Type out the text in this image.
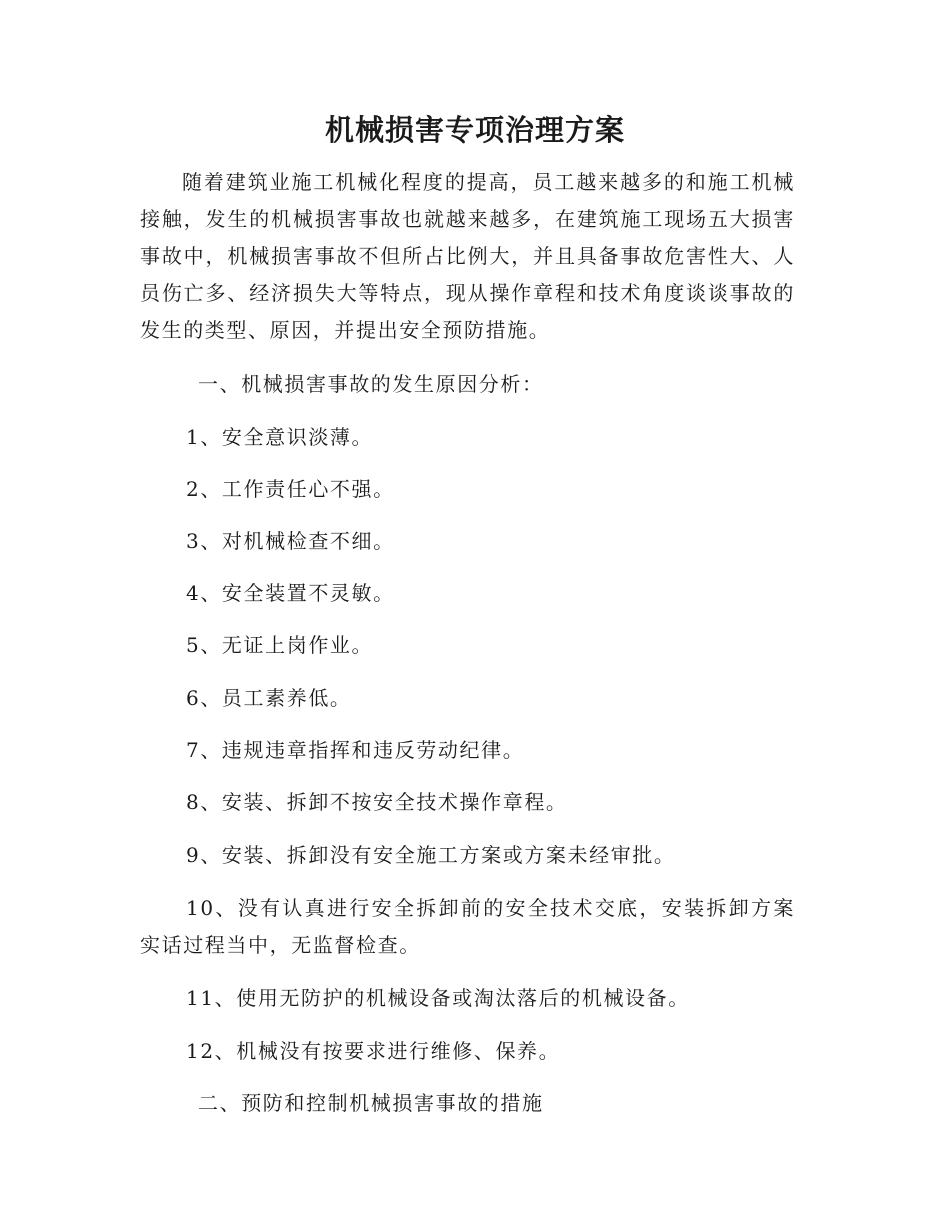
机械损害专项治理方案

随着建筑业施工机械化程度的提高，员工越来越多的和施工机械接触，发生的机械损害事故也就越来越多，在建筑施工现场五大损害事故中，机械损害事故不但所占比例大，并且具备事故危害性大、人员伤亡多、经济损失大等特点，现从操作章程和技术角度谈谈事故的发生的类型、原因，并提出安全预防措施。

一、机械损害事故的发生原因分析：
1、安全意识淡薄。
2、工作责任心不强。
3、对机械检查不细。
4、安全装置不灵敏。
5、无证上岗作业。
6、员工素养低。
7、违规违章指挥和违反劳动纪律。
8、安装、拆卸不按安全技术操作章程。
9、安装、拆卸没有安全施工方案或方案未经审批。

10、没有认真进行安全拆卸前的安全技术交底，安装拆卸方案实话过程当中，无监督检查。

11、使用无防护的机械设备或淘汰落后的机械设备。
12、机械没有按要求进行维修、保养。
二、预防和控制机械损害事故的措施
